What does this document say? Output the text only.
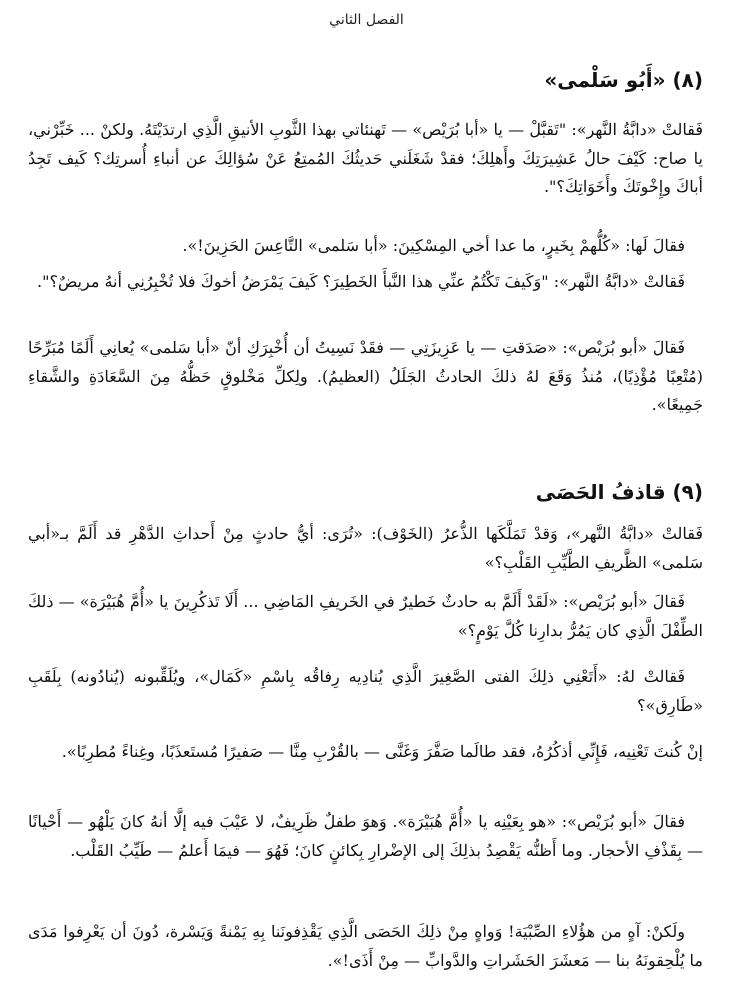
الفصل الثاني
(٨) «أَبُو سَلْمى»

فَقالتْ «دابَّةُ النَّهر»: "تَقبَّلْ — يا «أبا بُرَيْص» — تَهنئاتي بهذا الثَّوبِ الأنيقِ الَّذِي ارتدَيْتَهُ. ولكنْ ... خَبِّرْني، يا صاح: كَيْفَ حالُ عَشِيرَتِكَ وأَهلِكَ؛ فقدْ شَغَلَني حَديثُكَ المُمتِعُ عَنْ سُؤالِكَ عن أنباءِ أُسرتِك؟ كَيف تَجِدُ أباكَ وإِخْوتَكَ وأَخَوَاتِكَ؟".

فقالَ لَها: «كُلُّهمْ بِخَيرٍ، ما عدا أخي المِسْكِينَ: «أبا سَلمى» التَّاعِسَ الحَزِينَ!».

فَقالتْ «دابَّةُ النَّهر»: "وَكَيفَ تَكْتُمُ عنِّي هذا النَّبأَ الخَطِيرَ؟ كَيفَ يَمْرَضُ أخوكَ فلا تُخْبِرُنِي أنهُ مريضٌ؟".

فَقالَ «أبو بُرَيْص»: «صَدَقتِ — يا عَزِيزَتِي — فقَدْ نَسِيتُ أن أُخْبِرَكِ أنّ «أبا سَلمى» يُعانِي أَلَمًا مُبَرِّحًا (مُتْعِبًا مُؤْذِيًا)، مُنذُ وَقَعَ لهُ ذلكَ الحادثُ الجَلَلُ (العظيمُ). ولِكلِّ مَخْلوقٍ حَظُّهُ مِنَ السَّعَادَةِ والشَّقاءِ جَمِيعًا».

(٩) قاذفُ الحَصَى

فَقالتْ «دابَّةُ النَّهر»، وَقدْ تَمَلَّكَها الذُّعرُ (الخَوْف): «تُرَى: أيُّ حادثٍ مِنْ أَحداثِ الدَّهْرِ قد أَلَمَّ بـ«أبي سَلمى» الظَّريفِ الطَّيِّبِ القَلْبِ؟»

فَقالَ «أبو بُرَيْص»: «لَقَدْ أَلَمَّ به حادثٌ خَطيرٌ في الخَريفِ المَاضِي ... أَلَا تَذكُرِينَ يا «أُمَّ هُبَيْرَة» — ذلكَ الطِّفْلَ الَّذِي كان يَمُرُّ بدارِنا كُلَّ يَوْمٍ؟»

فَقالتْ لهُ: «أَتَعْنِي ذلِكَ الفتى الصَّغِيرَ الَّذِي يُنادِيه رِفاقُه بِاسْمِ «كَمَال»، ويُلَقِّبونه (يُنادُونه) بِلَقَبِ «طَارِق»؟

إنْ كُنتَ تَعْنِيه، فَإِنِّي أذكُرُهُ، فقد طالَما صَفَّرَ وَغَنَّى — بالقُرْبِ مِنَّا — صَفيرًا مُستَعذَبًا، وغِناءً مُطرِبًا».

فقالَ «أبو بُرَيْص»: «هو بِعَيْنِه يا «أُمَّ هُبَيْرَة». وَهوَ طفلٌ ظَرِيفٌ، لا عَيْبَ فيه إلَّا أنهُ كانَ يَلْهُو — أَحْيانًا — بِقَذْفِ الأحجار. وما أَظنُّه يَقْصِدُ بذلِكَ إلى الإضْرارِ بِكائنٍ كانَ؛ فَهُوَ — فيمَا أَعلمُ — طَيِّبُ القَلْب.

ولَكنْ: آهٍ من هؤُلاءِ الصِّبْيَة! وَواهٍ مِنْ ذلِكَ الحَصَى الَّذِي يَقْذِفونَنا بِهِ يَمْنةً وَيَسْرة، دُونَ أن يَعْرِفوا مَدَى ما يُلْحِقونَهُ بنا — مَعشَرَ الحَشَراتِ والدَّوابِّ — مِنْ أَذَى!».
